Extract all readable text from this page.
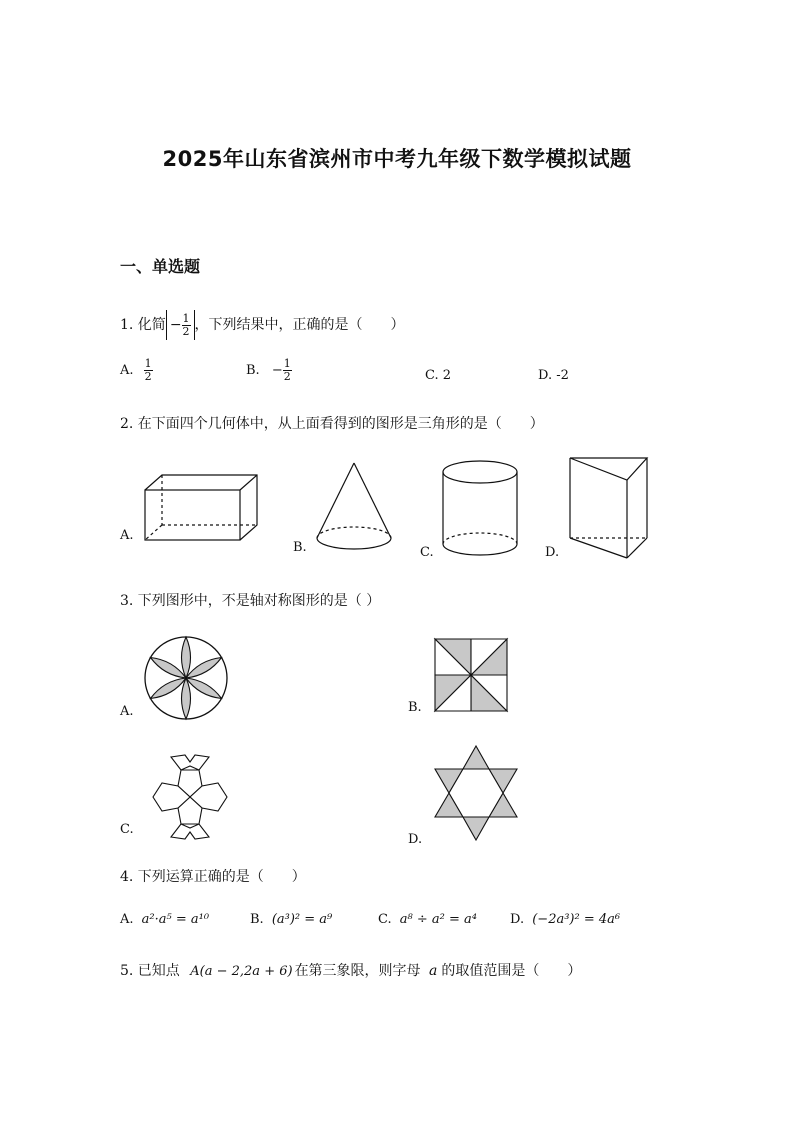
2025年山东省滨州市中考九年级下数学模拟试题
一、单选题
1. 化简 − $\frac{1}{2}$ ，下列结果中，正确的是（　　）
A. $\frac{1}{2}$	B. − $\frac{1}{2}$	C. 2	D. -2
2. 在下面四个几何体中，从上面看得到的图形是三角形的是（　　）
A.
B.	C.	D.
3. 下列图形中，不是轴对称图形的是（ ）
A.	B.
C.
D.
4. 下列运算正确的是（　　）
A. a²·a⁵ = a¹⁰	B. (a³)² = a⁹	C. a⁸ ÷ a² = a⁴	D. (−2a³)² = 4a⁶
5. 已知点 A(a − 2,2a + 6) 在第三象限，则字母 a 的取值范围是（　　）
